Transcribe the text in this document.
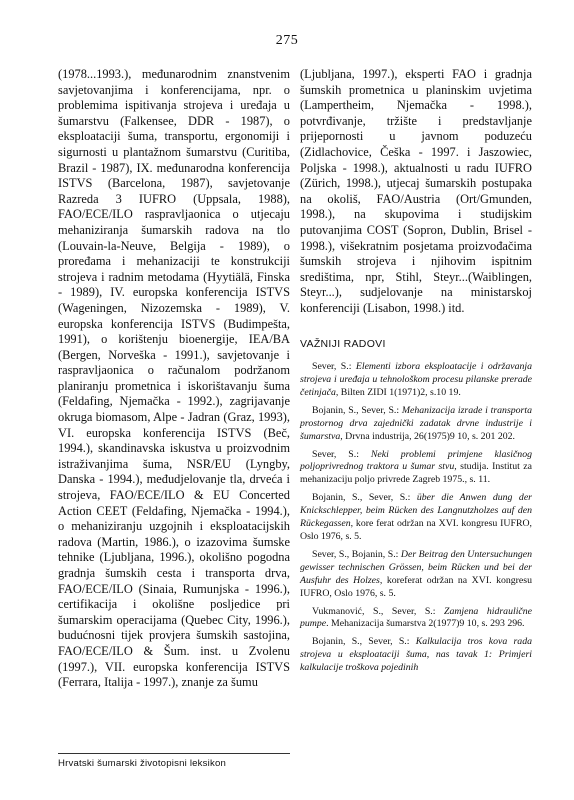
275

(1978...1993.), međunarodnim znanstvenim savjetovanjima i konferencijama, npr. o problemima ispitivanja strojeva i uređaja u šumarstvu (Falkensee, DDR - 1987), o eksploataciji šuma, transportu, ergonomiji i sigurnosti u plantažnom šumarstvu (Curitiba, Brazil - 1987), IX. međunarodna konferencija ISTVS (Barcelona, 1987), savjetovanje Razreda 3 IUFRO (Uppsala, 1988), FAO/ECE/ILO raspravljaonica o utjecaju mehaniziranja šumarskih radova na tlo (Louvain-la-Neuve, Belgija - 1989), o proređama i mehanizaciji te konstrukciji strojeva i radnim metodama (Hyytiälä, Finska - 1989), IV. europska konferencija ISTVS (Wageningen, Nizozemska - 1989), V. europska konferencija ISTVS (Budimpešta, 1991), o korištenju bioenergije, IEA/BA (Bergen, Norveška - 1991.), savjetovanje i raspravljaonica o računalom podržanom planiranju prometnica i iskorištavanju šuma (Feldafing, Njemačka - 1992.), zagrijavanje okruga biomasom, Alpe - Jadran (Graz, 1993), VI. europska konferencija ISTVS (Beč, 1994.), skandinavska iskustva u proizvodnim istraživanjima šuma, NSR/EU (Lyngby, Danska - 1994.), međudjelovanje tla, drveća i strojeva, FAO/ECE/ILO & EU Concerted Action CEET (Feldafing, Njemačka - 1994.), o mehaniziranju uzgojnih i eksploatacijskih radova (Martin, 1986.), o izazovima šumske tehnike (Ljubljana, 1996.), okolišno pogodna gradnja šumskih cesta i transporta drva, FAO/ECE/ILO (Sinaia, Rumunjska - 1996.), certifikacija i okolišne posljedice pri šumarskim operacijama (Quebec City, 1996.), budućnosni tijek provjera šumskih sastojina, FAO/ECE/ILO & Šum. inst. u Zvolenu (1997.), VII. europska konferencija ISTVS (Ferrara, Italija - 1997.), znanje za šumu

(Ljubljana, 1997.), eksperti FAO i gradnja šumskih prometnica u planinskim uvjetima (Lampertheim, Njemačka - 1998.), potvrđivanje, tržište i predstavljanje prijepornosti u javnom poduzeću (Zidlachovice, Češka - 1997. i Jaszowiec, Poljska - 1998.), aktualnosti u radu IUFRO (Zürich, 1998.), utjecaj šumarskih postupaka na okoliš, FAO/Austria (Ort/Gmunden, 1998.), na skupovima i studijskim putovanjima COST (Sopron, Dublin, Brisel - 1998.), višekratnim posjetama proizvođačima šumskih strojeva i njihovim ispitnim središtima, npr, Stihl, Steyr...(Waiblingen, Steyr...), sudjelovanje na ministarskoj konferenciji (Lisabon, 1998.) itd.

VAŽNIJI RADOVI

Sever, S.: Elementi izbora eksploatacije i održavanja strojeva i uređaja u tehnološkom procesu pilanske prerade četinjača, Bilten ZIDI 1(1971)2, s.10 19.

Bojanin, S., Sever, S.: Mehanizacija izrade i transporta prostornog drva zajednički zadatak drvne industrije i šumarstva, Drvna industrija, 26(1975)9 10, s. 201 202.

Sever, S.: Neki problemi primjene klasičnog poljoprivrednog traktora u šumar stvu, studija. Institut za mehanizaciju poljo privrede Zagreb 1975., s. 11.

Bojanin, S., Sever, S.: über die Anwen dung der Knickschlepper, beim Rücken des Langnutzholzes auf den Rückegassen, kore ferat održan na XVI. kongresu IUFRO, Oslo 1976, s. 5.

Sever, S., Bojanin, S.: Der Beitrag den Untersuchungen gewisser technischen Grössen, beim Rücken und bei der Ausfuhr des Holzes, koreferat održan na XVI. kongresu IUFRO, Oslo 1976, s. 5.

Vukmanović, S., Sever, S.: Zamjena hidraulične pumpe. Mehanizacija šumarstva 2(1977)9 10, s. 293 296.

Bojanin, S., Sever, S.: Kalkulacija tros kova rada strojeva u eksploataciji šuma, nas tavak 1: Primjeri kalkulacije troškova pojedinih

Hrvatski šumarski životopisni leksikon
